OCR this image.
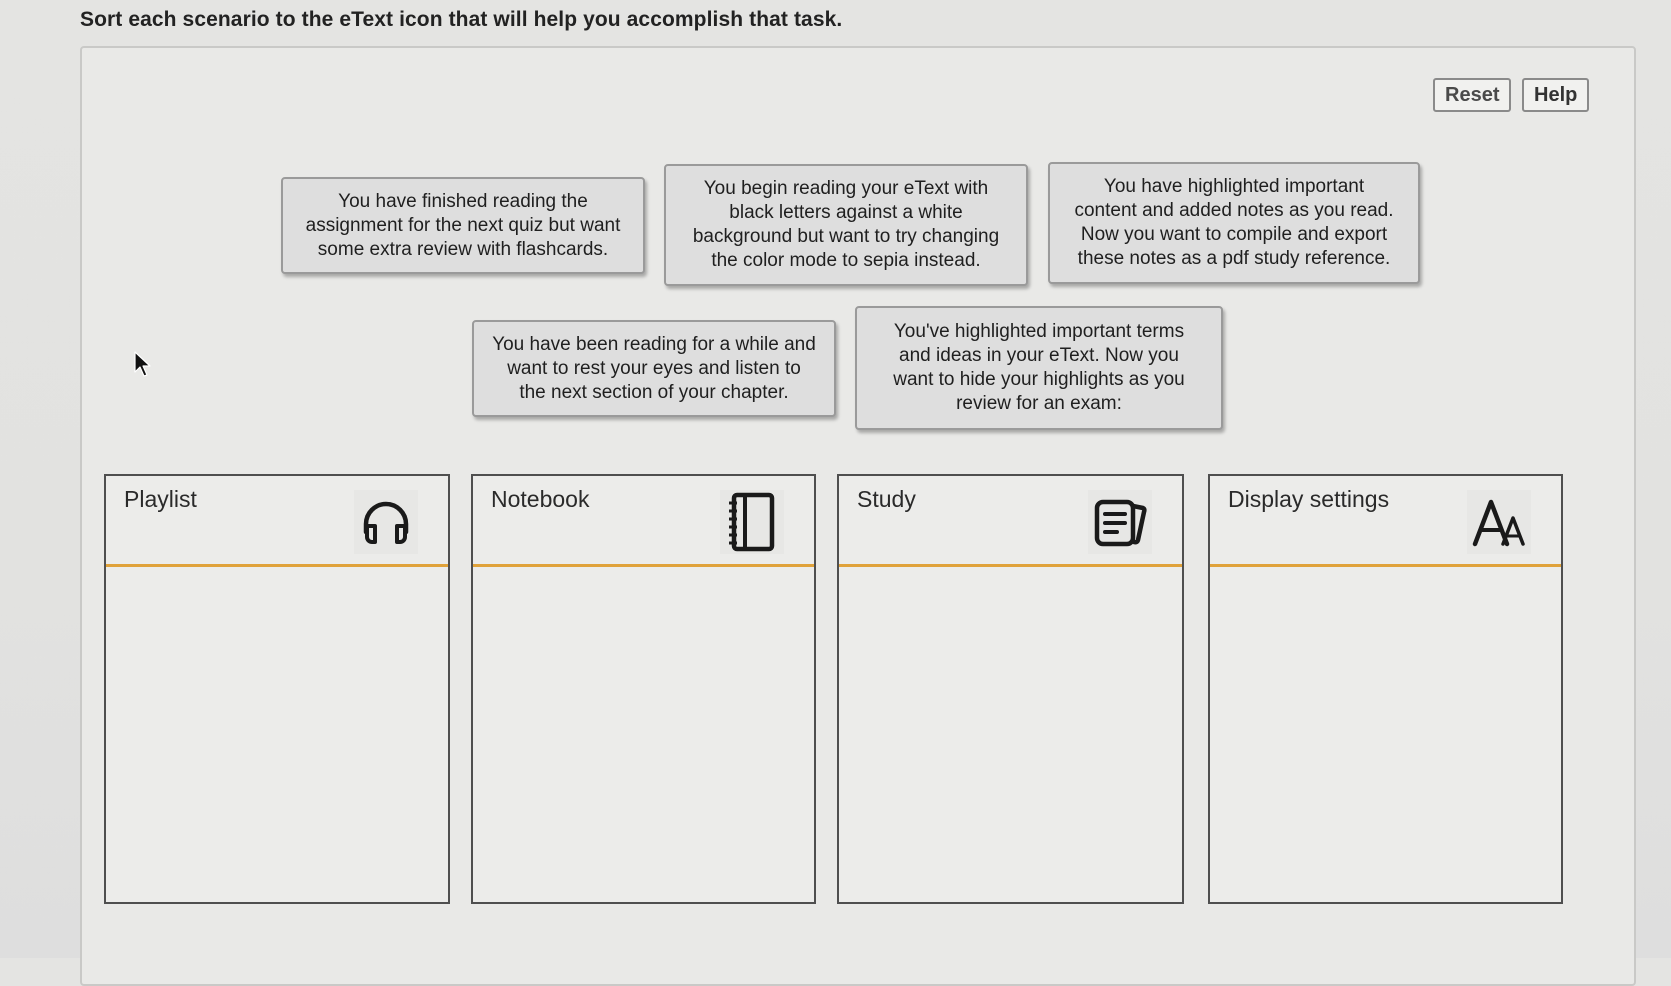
Sort each scenario to the eText icon that will help you accomplish that task.
Reset	Help
You have finished reading the
assignment for the next quiz but want
some extra review with flashcards.
You begin reading your eText with
black letters against a white
background but want to try changing
the color mode to sepia instead.
You have highlighted important
content and added notes as you read.
Now you want to compile and export
these notes as a pdf study reference.
You have been reading for a while and
want to rest your eyes and listen to
the next section of your chapter.
You've highlighted important terms
and ideas in your eText. Now you
want to hide your highlights as you
review for an exam:
Playlist	Notebook	Study	Display settings
